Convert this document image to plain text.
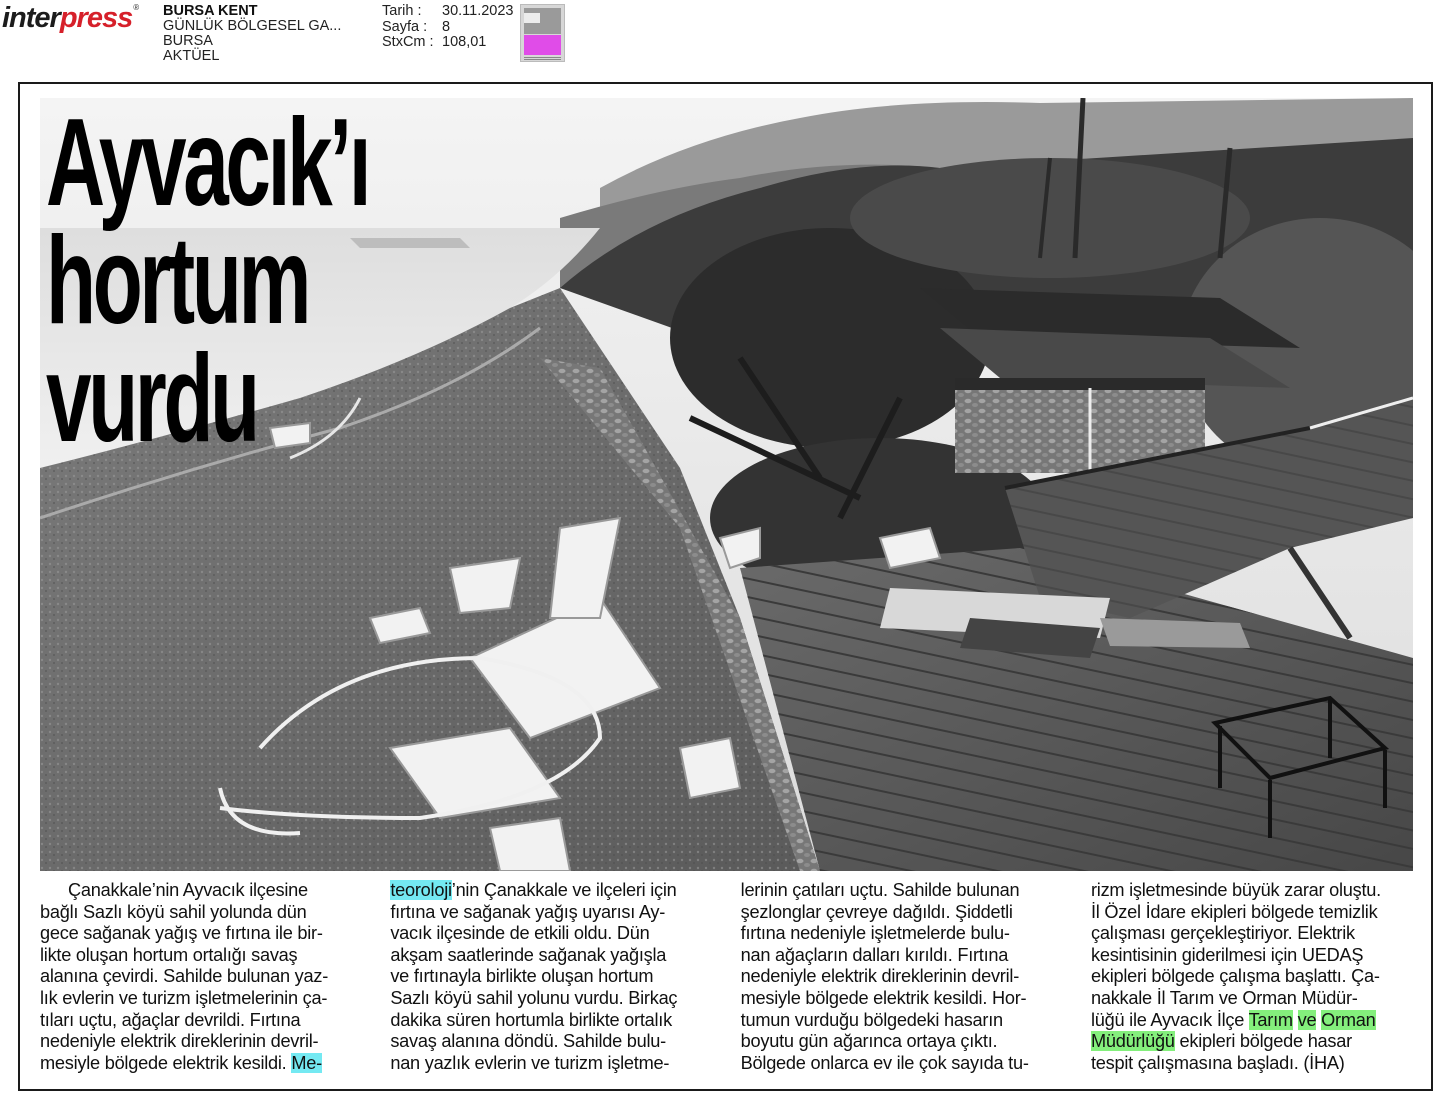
interpress® BURSA KENT
GÜNLÜK BÖLGESEL GA...
BURSA
AKTÜEL
Tarih :	30.11.2023
Sayfa :	8
StxCm : 108,01
Ayvacık’ı
hortum
vurdu

Çanakkale’nin Ayvacık ilçesine
bağlı Sazlı köyü sahil yolunda dün
gece sağanak yağış ve fırtına ile bir-
likte oluşan hortum ortalığı savaş
alanına çevirdi. Sahilde bulunan yaz-
lık evlerin ve turizm işletmelerinin ça-
tıları uçtu, ağaçlar devrildi. Fırtına
nedeniyle elektrik direklerinin devril-
mesiyle bölgede elektrik kesildi. Me-

teoroloji’nin Çanakkale ve ilçeleri için
fırtına ve sağanak yağış uyarısı Ay-
vacık ilçesinde de etkili oldu. Dün
akşam saatlerinde sağanak yağışla
ve fırtınayla birlikte oluşan hortum
Sazlı köyü sahil yolunu vurdu. Birkaç
dakika süren hortumla birlikte ortalık
savaş alanına döndü. Sahilde bulu-
nan yazlık evlerin ve turizm işletme-

lerinin çatıları uçtu. Sahilde bulunan
şezlonglar çevreye dağıldı. Şiddetli
fırtına nedeniyle işletmelerde bulu-
nan ağaçların dalları kırıldı. Fırtına
nedeniyle elektrik direklerinin devril-
mesiyle bölgede elektrik kesildi. Hor-
tumun vurduğu bölgedeki hasarın
boyutu gün ağarınca ortaya çıktı.
Bölgede onlarca ev ile çok sayıda tu-

rizm işletmesinde büyük zarar oluştu.
İl Özel İdare ekipleri bölgede temizlik
çalışması gerçekleştiriyor. Elektrik
kesintisinin giderilmesi için UEDAŞ
ekipleri bölgede çalışma başlattı. Ça-
nakkale İl Tarım ve Orman Müdür-
lüğü ile Ayvacık İlçe Tarım ve Orman
Müdürlüğü ekipleri bölgede hasar
tespit çalışmasına başladı. (İHA)
